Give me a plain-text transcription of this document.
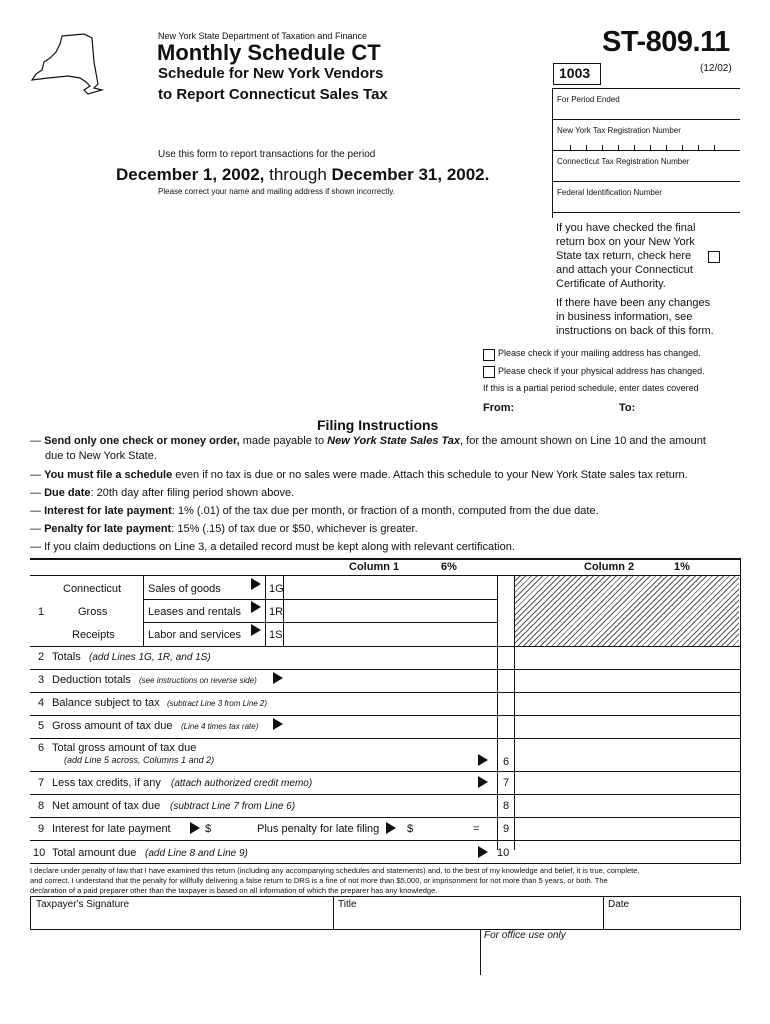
New York State Department of Taxation and Finance
Monthly Schedule CT
Schedule for New York Vendors
to Report Connecticut Sales Tax
ST-809.11
(12/02)
1003
For Period Ended
New York Tax Registration Number
Connecticut Tax Registration Number
Federal Identification Number
Use this form to report transactions for the period
December 1, 2002, through December 31, 2002.
Please correct your name and mailing address if shown incorrectly.
If you have checked the final
return box on your New York
State tax return, check here
and attach your Connecticut
Certificate of Authority.
If there have been any changes
in business information, see
instructions on back of this form.
Please check if your mailing address has changed.
Please check if your physical address has changed.
If this is a partial period schedule, enter dates covered
From:	To:
Filing Instructions
— Send only one check or money order, made payable to New York State Sales Tax, for the amount shown on Line 10 and the amount
due to New York State.
— You must file a schedule even if no tax is due or no sales were made. Attach this schedule to your New York State sales tax return.
— Due date: 20th day after filing period shown above.
— Interest for late payment: 1% (.01) of the tax due per month, or fraction of a month, computed from the due date.
— Penalty for late payment: 15% (.15) of tax due or $50, whichever is greater.
— If you claim deductions on Line 3, a detailed record must be kept along with relevant certification.
Column 1	6%	Column 2	1%
1
Connecticut
Gross
Receipts
Sales of goods	1G
Leases and rentals	1R
Labor and services	1S
2 Totals (add Lines 1G, 1R, and 1S)
3 Deduction totals (see instructions on reverse side)
4 Balance subject to tax (subtract Line 3 from Line 2)
5 Gross amount of tax due (Line 4 times tax rate)
6 Total gross amount of tax due
(add Line 5 across, Columns 1 and 2)	6
7 Less tax credits, if any (attach authorized credit memo)	7
8 Net amount of tax due (subtract Line 7 from Line 6)	8
9 Interest for late payment	$	Plus penalty for late filing	$	= 9
10 Total amount due (add Line 8 and Line 9)	10
I declare under penalty of law that I have examined this return (including any accompanying schedules and statements) and, to the best of my knowledge and belief, it is true, complete,
and correct. I understand that the penalty for willfully delivering a false return to DRS is a fine of not more than $5,000, or imprisonment for not more than 5 years, or both. The
declaration of a paid preparer other than the taxpayer is based on all information of which the preparer has any knowledge.
Taxpayer's Signature	Title	Date
For office use only
